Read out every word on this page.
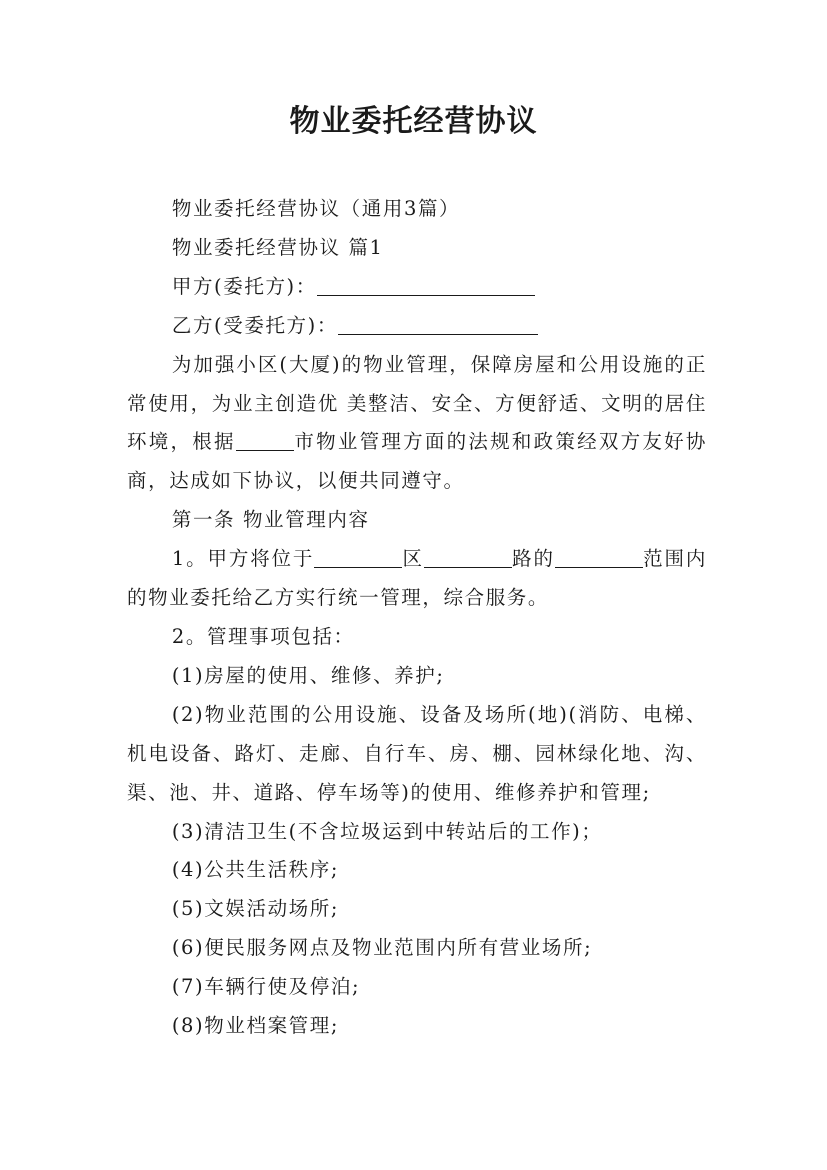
物业委托经营协议

物业委托经营协议（通用3篇）

物业委托经营协议 篇1

甲方(委托方)：

乙方(受委托方)：

为加强小区(大厦)的物业管理，保障房屋和公用设施的正常使用，为业主创造优 美整洁、安全、方便舒适、文明的居住环境，根据	市物业管理方面的法规和政策经双方友好协商，达成如下协议，以便共同遵守。

第一条 物业管理内容

1。甲方将位于	区	路的	范围内的物业委托给乙方实行统一管理，综合服务。

2。管理事项包括：

(1)房屋的使用、维修、养护;

(2)物业范围的公用设施、设备及场所(地)(消防、电梯、机电设备、路灯、走廊、自行车、房、棚、园林绿化地、沟、渠、池、井、道路、停车场等)的使用、维修养护和管理;

(3)清洁卫生(不含垃圾运到中转站后的工作)；

(4)公共生活秩序;

(5)文娱活动场所;

(6)便民服务网点及物业范围内所有营业场所;

(7)车辆行使及停泊;

(8)物业档案管理;
